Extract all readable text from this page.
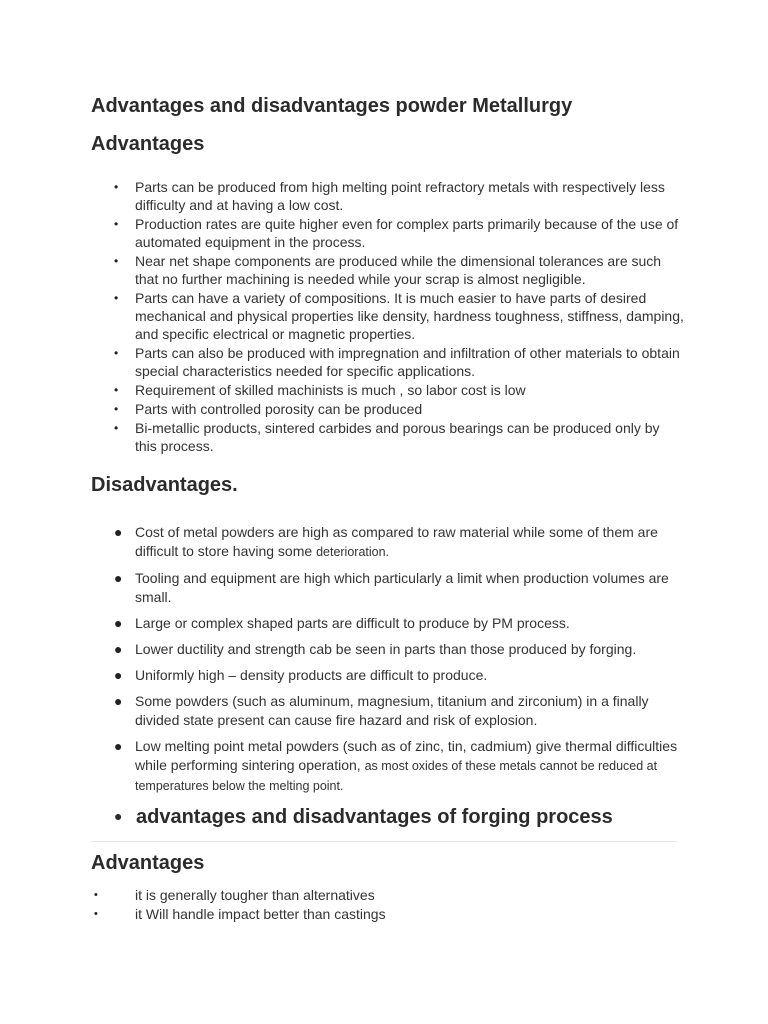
Advantages and disadvantages powder Metallurgy
Advantages
• Parts can be produced from high melting point refractory metals with respectively less difficulty and at having a low cost.
• Production rates are quite higher even for complex parts primarily because of the use of automated equipment in the process.
• Near net shape components are produced while the dimensional tolerances are such that no further machining is needed while your scrap is almost negligible.
• Parts can have a variety of compositions. It is much easier to have parts of desired mechanical and physical properties like density, hardness toughness, stiffness, damping, and specific electrical or magnetic properties.
• Parts can also be produced with impregnation and infiltration of other materials to obtain special characteristics needed for specific applications.
• Requirement of skilled machinists is much , so labor cost is low
• Parts with controlled porosity can be produced
• Bi-metallic products, sintered carbides and porous bearings can be produced only by this process.
Disadvantages.
● Cost of metal powders are high as compared to raw material while some of them are difficult to store having some deterioration.
● Tooling and equipment are high which particularly a limit when production volumes are small.
● Large or complex shaped parts are difficult to produce by PM process.
● Lower ductility and strength cab be seen in parts than those produced by forging.
● Uniformly high – density products are difficult to produce.
● Some powders (such as aluminum, magnesium, titanium and zirconium) in a finally divided state present can cause fire hazard and risk of explosion.
● Low melting point metal powders (such as of zinc, tin, cadmium) give thermal difficulties while performing sintering operation, as most oxides of these metals cannot be reduced at temperatures below the melting point.
● advantages and disadvantages of forging process
Advantages
•	it is generally tougher than alternatives
•	it Will handle impact better than castings
